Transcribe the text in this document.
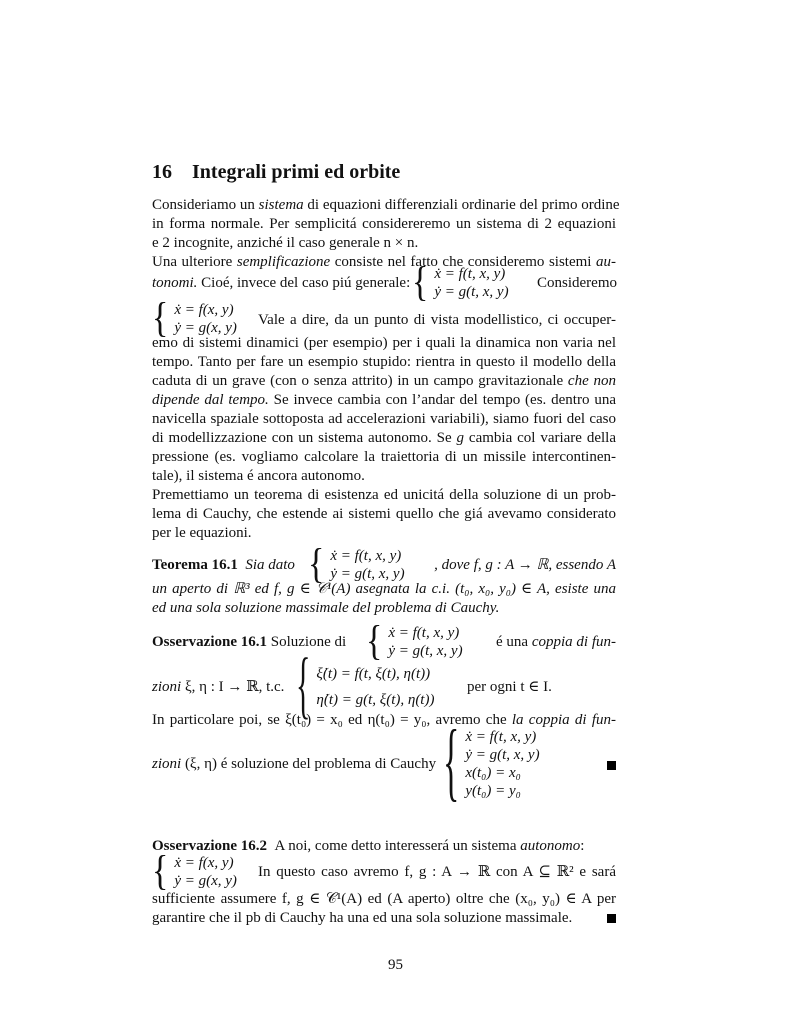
16 Integrali primi ed orbite
Consideriamo un sistema di equazioni differenziali ordinarie del primo ordine
in forma normale. Per semplicitá considereremo un sistema di 2 equazioni
e 2 incognite, anziché il caso generale n × n.
Una ulteriore semplificazione consiste nel fatto che consideremo sistemi au-
tonomi. Cioé, invece del caso piú generale: { ẋ = f(t, x, y)
ẏ = g(t, x, y)
Consideremo
{ ẋ = f(x, y)
ẏ = g(x, y) Vale a dire, da un punto di vista modellistico, ci occuper-
emo di sistemi dinamici (per esempio) per i quali la dinamica non varia nel
tempo. Tanto per fare un esempio stupido: rientra in questo il modello della
caduta di un grave (con o senza attrito) in un campo gravitazionale che non
dipende dal tempo. Se invece cambia con l’andar del tempo (es. dentro una
navicella spaziale sottoposta ad accelerazioni variabili), siamo fuori del caso
di modellizzazione con un sistema autonomo. Se g cambia col variare della
pressione (es. vogliamo calcolare la traiettoria di un missile intercontinen-
tale), il sistema é ancora autonomo.
Premettiamo un teorema di esistenza ed unicitá della soluzione di un prob-
lema di Cauchy, che estende ai sistemi quello che giá avevamo considerato
per le equazioni.
Teorema 16.1 Sia dato { ẋ = f(t, x, y)
ẏ = g(t, x, y)
, dove f, g : A → ℝ, essendo A
un aperto di ℝ³ ed f, g ∈ 𝒞¹(A) asegnata la c.i. (t₀, x₀, y₀) ∈ A, esiste una
ed una sola soluzione massimale del problema di Cauchy.
Osservazione 16.1 Soluzione di { ẋ = f(t, x, y)
ẏ = g(t, x, y)
é una coppia di fun-
zioni ξ, η : I → ℝ, t.c. { ξ̇(t) = f(t, ξ(t), η(t))
η̇(t) = g(t, ξ(t), η(t))
per ogni t ∈ I.
In particolare poi, se ξ(t₀) = x₀ ed η(t₀) = y₀, avremo che la coppia di fun-
zioni (ξ, η) é soluzione del problema di Cauchy { ẋ = f(t, x, y)
ẏ = g(t, x, y)
x(t₀) = x₀
y(t₀) = y₀
Osservazione 16.2 A noi, come detto interesserá un sistema autonomo:
{ ẋ = f(x, y)
ẏ = g(x, y)
In questo caso avremo f, g : A → ℝ con A ⊆ ℝ² e sará
sufficiente assumere f, g ∈ 𝒞¹(A) ed (A aperto) oltre che (x₀, y₀) ∈ A per
garantire che il pb di Cauchy ha una ed una sola soluzione massimale.
95
